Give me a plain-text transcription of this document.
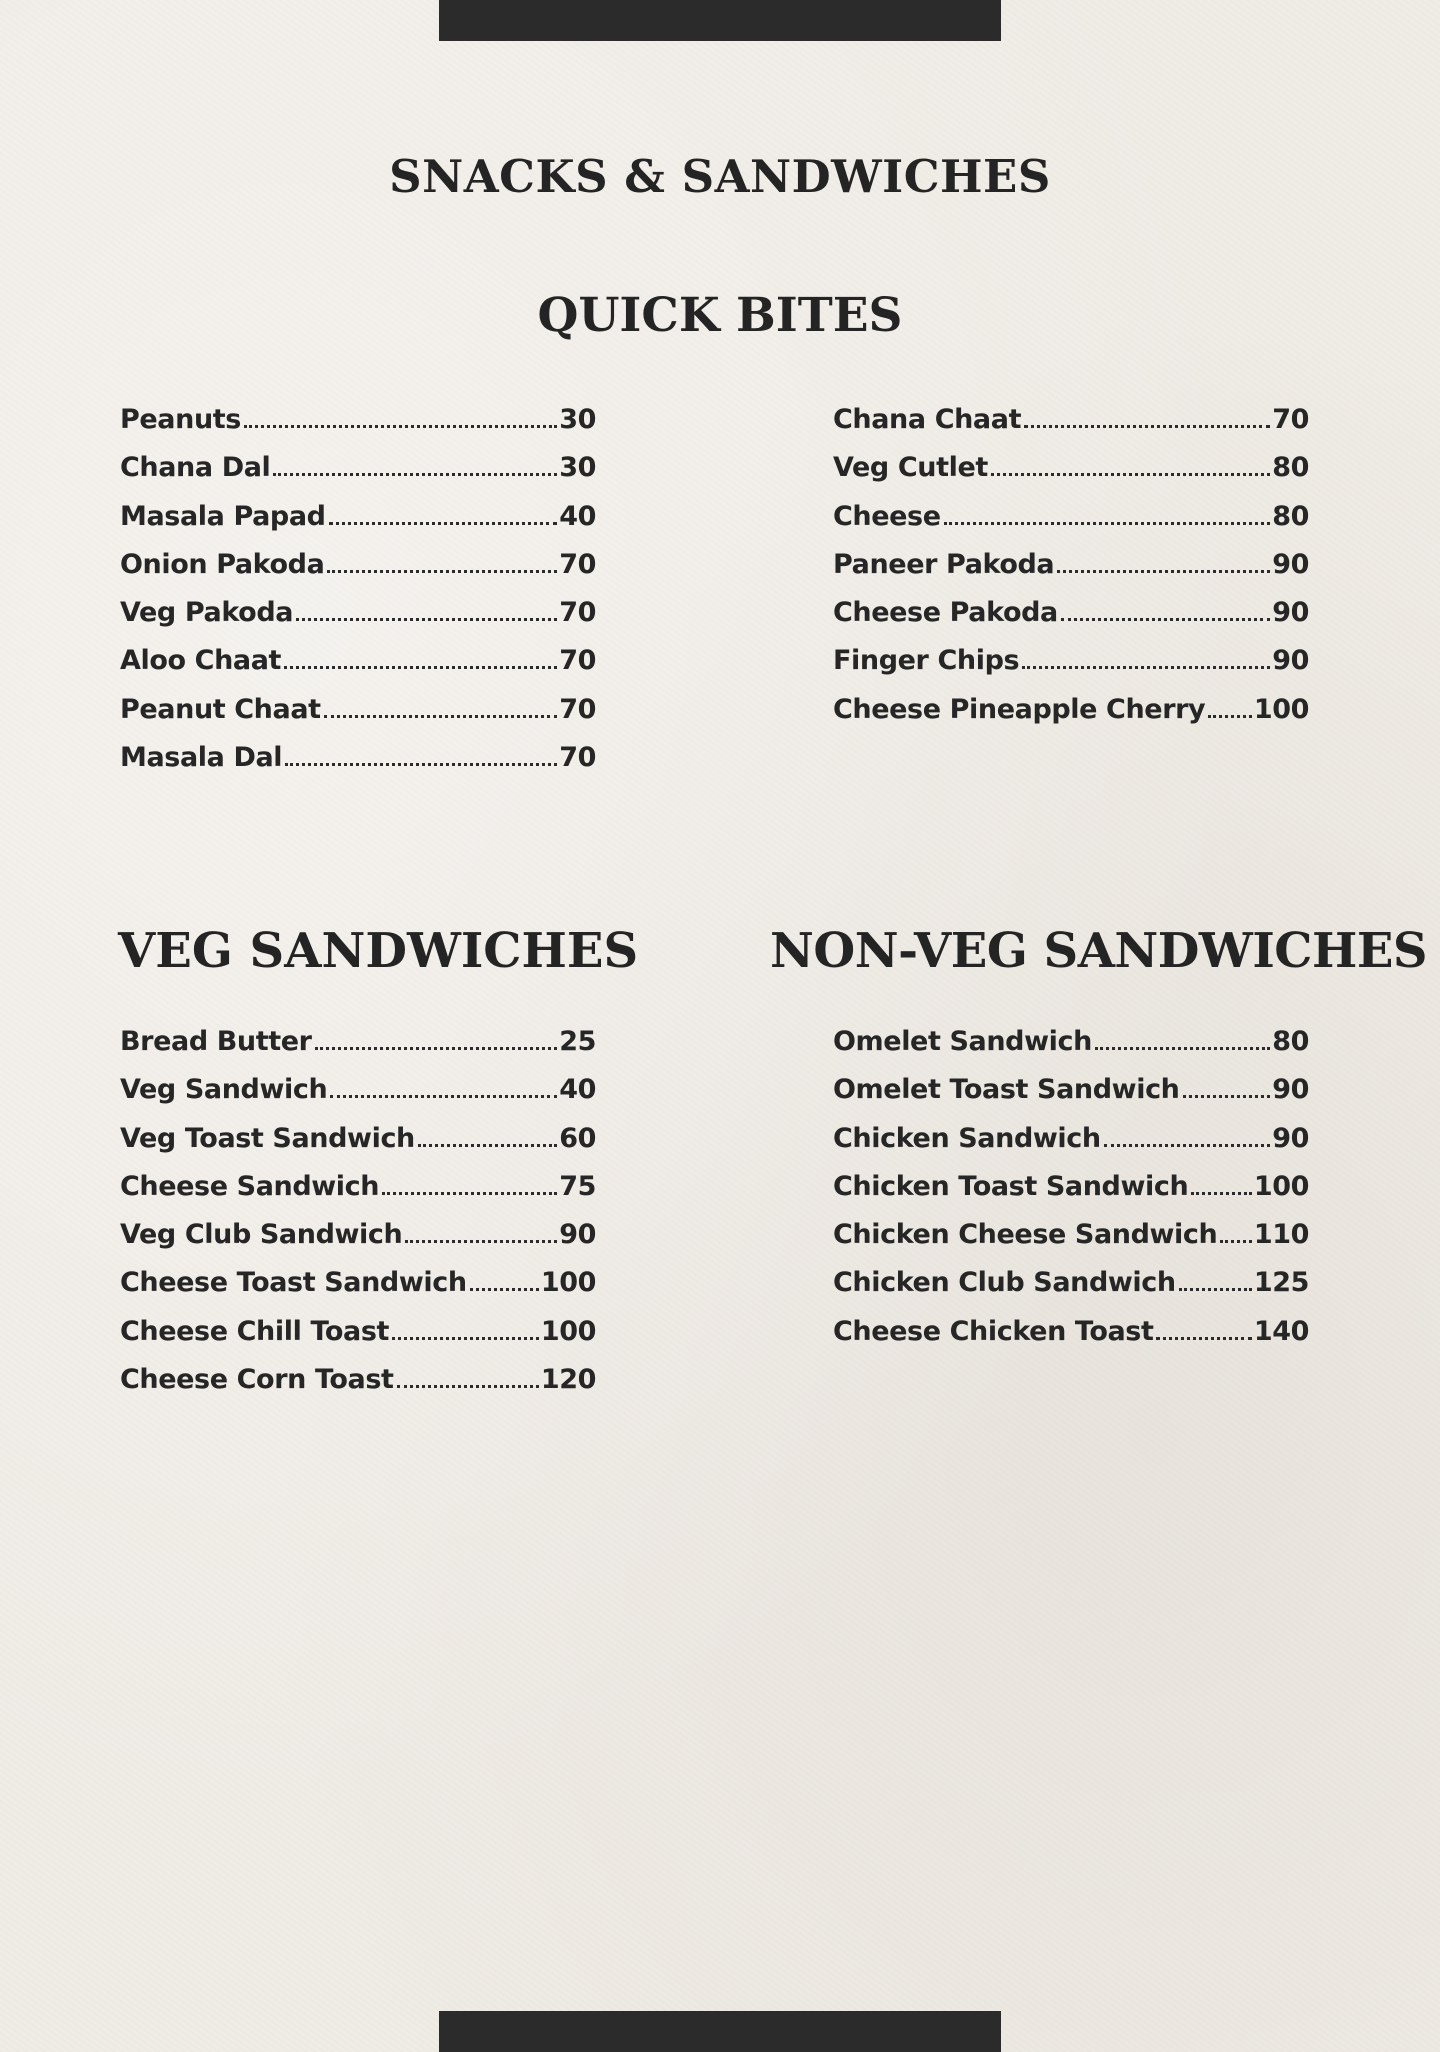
SNACKS & SANDWICHES
QUICK BITES
Peanuts	30
Chana Dal	30
Masala Papad	40
Onion Pakoda	70
Veg Pakoda	70
Aloo Chaat	70
Peanut Chaat	70
Masala Dal	70
Chana Chaat	70
Veg Cutlet	80
Cheese	80
Paneer Pakoda	90
Cheese Pakoda	90
Finger Chips	90
Cheese Pineapple Cherry 100
VEG SANDWICHES	NON-VEG SANDWICHES
Bread Butter	25
Veg Sandwich	40
Veg Toast Sandwich	60
Cheese Sandwich	75
Veg Club Sandwich	90
Cheese Toast Sandwich	100
Cheese Chill Toast	100
Cheese Corn Toast	120
Omelet Sandwich	80
Omelet Toast Sandwich	90
Chicken Sandwich	90
Chicken Toast Sandwich 100
Chicken Cheese Sandwich 110
Chicken Club Sandwich	125
Cheese Chicken Toast	140
